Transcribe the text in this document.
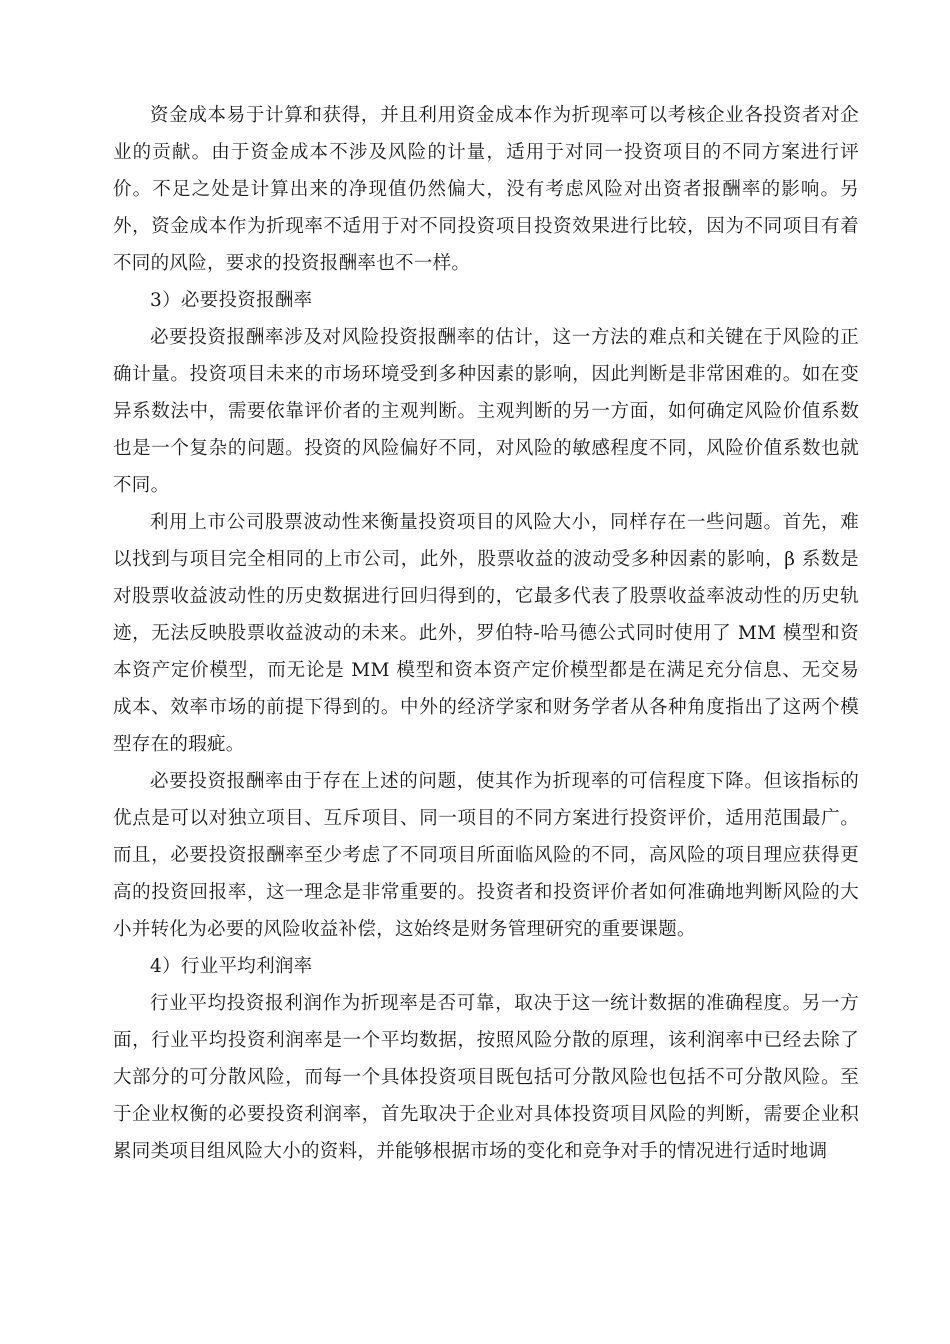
资金成本易于计算和获得，并且利用资金成本作为折现率可以考核企业各投资者对企业的贡献。由于资金成本不涉及风险的计量，适用于对同一投资项目的不同方案进行评价。不足之处是计算出来的净现值仍然偏大，没有考虑风险对出资者报酬率的影响。另外，资金成本作为折现率不适用于对不同投资项目投资效果进行比较，因为不同项目有着不同的风险，要求的投资报酬率也不一样。

3）必要投资报酬率

必要投资报酬率涉及对风险投资报酬率的估计，这一方法的难点和关键在于风险的正确计量。投资项目未来的市场环境受到多种因素的影响，因此判断是非常困难的。如在变异系数法中，需要依靠评价者的主观判断。主观判断的另一方面，如何确定风险价值系数也是一个复杂的问题。投资的风险偏好不同，对风险的敏感程度不同，风险价值系数也就不同。

利用上市公司股票波动性来衡量投资项目的风险大小，同样存在一些问题。首先，难以找到与项目完全相同的上市公司，此外，股票收益的波动受多种因素的影响，β 系数是对股票收益波动性的历史数据进行回归得到的，它最多代表了股票收益率波动性的历史轨迹，无法反映股票收益波动的未来。此外，罗伯特-哈马德公式同时使用了 MM 模型和资本资产定价模型，而无论是 MM 模型和资本资产定价模型都是在满足充分信息、无交易成本、效率市场的前提下得到的。中外的经济学家和财务学者从各种角度指出了这两个模型存在的瑕疵。

必要投资报酬率由于存在上述的问题，使其作为折现率的可信程度下降。但该指标的优点是可以对独立项目、互斥项目、同一项目的不同方案进行投资评价，适用范围最广。而且，必要投资报酬率至少考虑了不同项目所面临风险的不同，高风险的项目理应获得更高的投资回报率，这一理念是非常重要的。投资者和投资评价者如何准确地判断风险的大小并转化为必要的风险收益补偿，这始终是财务管理研究的重要课题。

4）行业平均利润率

行业平均投资报利润作为折现率是否可靠，取决于这一统计数据的准确程度。另一方面，行业平均投资利润率是一个平均数据，按照风险分散的原理，该利润率中已经去除了大部分的可分散风险，而每一个具体投资项目既包括可分散风险也包括不可分散风险。至于企业权衡的必要投资利润率，首先取决于企业对具体投资项目风险的判断，需要企业积累同类项目组风险大小的资料，并能够根据市场的变化和竞争对手的情况进行适时地调
